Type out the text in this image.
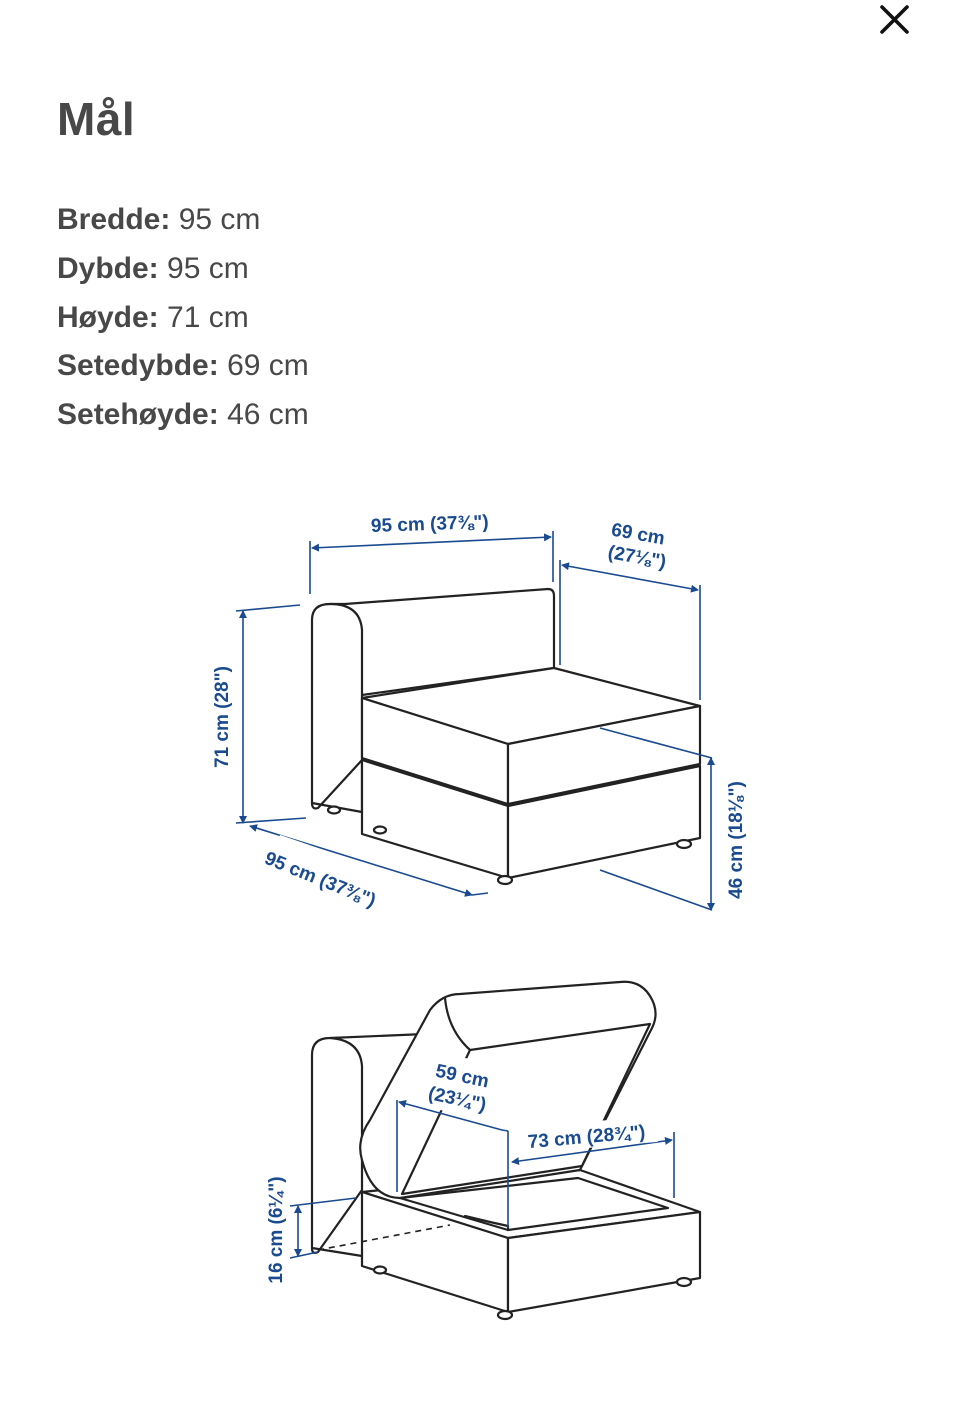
Mål
Bredde: 95 cm
Dybde: 95 cm
Høyde: 71 cm
Setedybde: 69 cm
Setehøyde: 46 cm
95 cm (37⅜")	69 cm
(27⅛")
71 cm (28")
95 cm (37⅜")	46 cm (18⅛")
59 cm
(23¼")
73 cm (28¾")
16 cm (6¼")
